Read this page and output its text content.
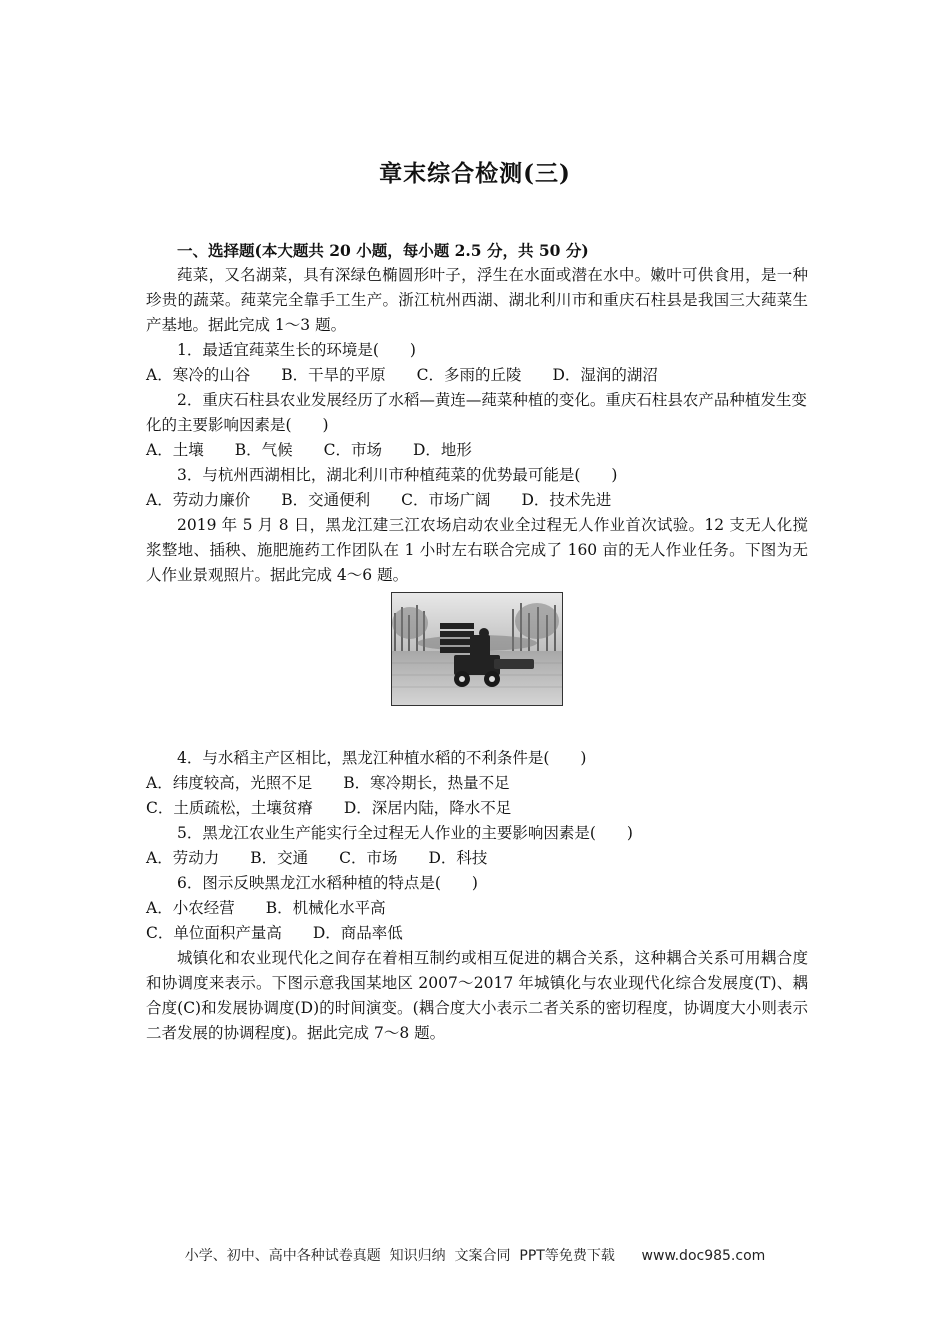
章末综合检测(三)

一、选择题(本大题共 20 小题，每小题 2.5 分，共 50 分)

莼菜，又名湖菜，具有深绿色椭圆形叶子，浮生在水面或潜在水中。嫩叶可供食用，是一种珍贵的蔬菜。莼菜完全靠手工生产。浙江杭州西湖、湖北利川市和重庆石柱县是我国三大莼菜生产基地。据此完成 1～3 题。

1．最适宜莼菜生长的环境是(　　)

A．寒冷的山谷　　B．干旱的平原　　C．多雨的丘陵　　D．湿润的湖沼

2．重庆石柱县农业发展经历了水稻—黄连—莼菜种植的变化。重庆石柱县农产品种植发生变化的主要影响因素是(　　)

A．土壤　　B．气候　　C．市场　　D．地形

3．与杭州西湖相比，湖北利川市种植莼菜的优势最可能是(　　)

A．劳动力廉价　　B．交通便利　　C．市场广阔　　D．技术先进

2019 年 5 月 8 日，黑龙江建三江农场启动农业全过程无人作业首次试验。12 支无人化搅浆整地、插秧、施肥施药工作团队在 1 小时左右联合完成了 160 亩的无人作业任务。下图为无人作业景观照片。据此完成 4～6 题。

4．与水稻主产区相比，黑龙江种植水稻的不利条件是(　　)

A．纬度较高，光照不足　　B．寒冷期长，热量不足

C．土质疏松，土壤贫瘠　　D．深居内陆，降水不足

5．黑龙江农业生产能实行全过程无人作业的主要影响因素是(　　)

A．劳动力　　B．交通　　C．市场　　D．科技

6．图示反映黑龙江水稻种植的特点是(　　)

A．小农经营　　B．机械化水平高

C．单位面积产量高　　D．商品率低

城镇化和农业现代化之间存在着相互制约或相互促进的耦合关系，这种耦合关系可用耦合度和协调度来表示。下图示意我国某地区 2007～2017 年城镇化与农业现代化综合发展度(T)、耦合度(C)和发展协调度(D)的时间演变。(耦合度大小表示二者关系的密切程度，协调度大小则表示二者发展的协调程度)。据此完成 7～8 题。

小学、初中、高中各种试卷真题  知识归纳  文案合同  PPT等免费下载      www.doc985.com
